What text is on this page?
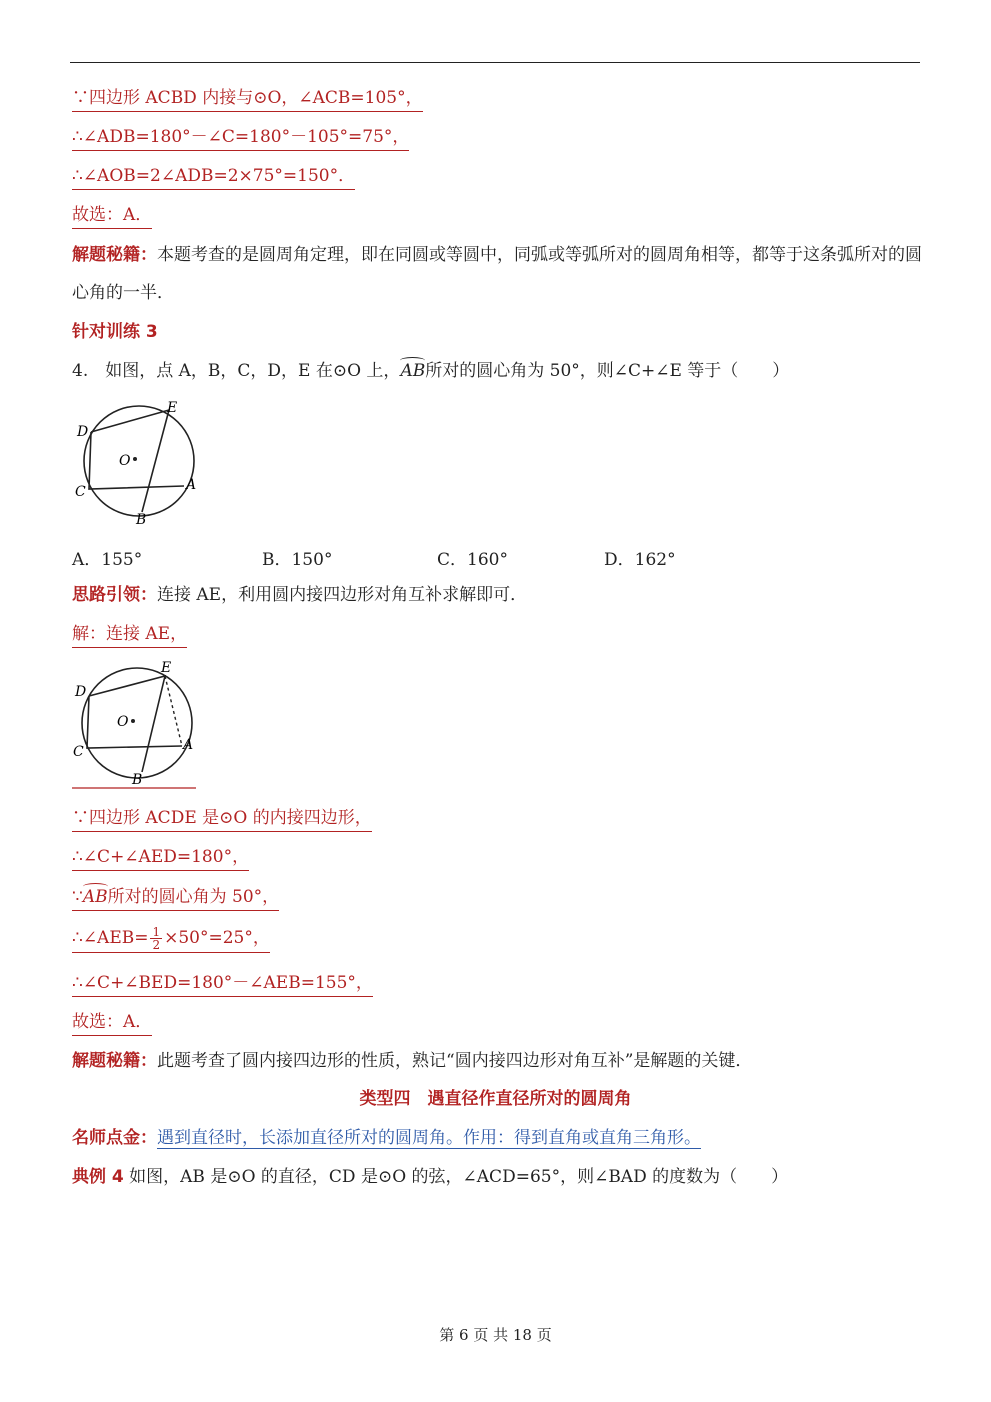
∵四边形 ACBD 内接与⊙O，∠ACB=105°，
∴∠ADB=180°－∠C=180°－105°=75°，
∴∠AOB=2∠ADB=2×75°=150°．
故选：A．
解题秘籍：本题考查的是圆周角定理，即在同圆或等圆中，同弧或等弧所对的圆周角相等，都等于这条弧所对的圆心角的一半．
针对训练 3
4.　如图，点 A，B，C，D，E 在⊙O 上，AB所对的圆心角为 50°，则∠C+∠E 等于（　　）
D
E
O
C	A
B
A．155°	B．150°	C．160°	D．162°
思路引领：连接 AE，利用圆内接四边形对角互补求解即可．
解：连接 AE，
D
E
O
C	A
B
∵四边形 ACDE 是⊙O 的内接四边形，
∴∠C+∠AED=180°，
∵AB所对的圆心角为 50°，
∴∠AEB= $\frac{1}{2} \times 50^\circ=25^\circ$，
∴∠C+∠BED=180°－∠AEB=155°，
故选：A．
解题秘籍：此题考查了圆内接四边形的性质，熟记“圆内接四边形对角互补”是解题的关键．
类型四　遇直径作直径所对的圆周角
名师点金：遇到直径时，长添加直径所对的圆周角。作用：得到直角或直角三角形。
典例 4 如图，AB 是⊙O 的直径，CD 是⊙O 的弦，∠ACD=65°，则∠BAD 的度数为（　　）
第 6 页 共 18 页
